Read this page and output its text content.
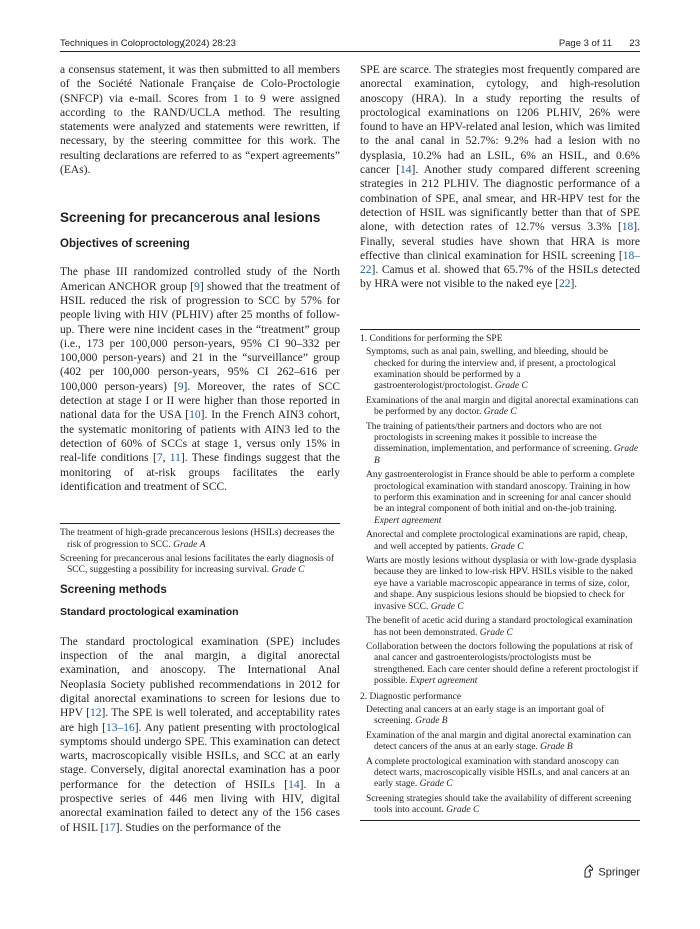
Techniques in Coloproctology
(2024) 28:23	Page 3 of 11 23

a consensus statement, it was then submitted to all members of the Société Nationale Française de Colo-Proctologie (SNFCP) via e-mail. Scores from 1 to 9 were assigned according to the RAND/UCLA method. The resulting statements were analyzed and statements were rewritten, if necessary, by the steering committee for this work. The resulting declarations are referred to as “expert agreements” (EAs).

Screening for precancerous anal lesions
Objectives of screening

The phase III randomized controlled study of the North American ANCHOR group [9] showed that the treatment of HSIL reduced the risk of progression to SCC by 57% for people living with HIV (PLHIV) after 25 months of follow-up. There were nine incident cases in the “treatment” group (i.e., 173 per 100,000 person-years, 95% CI 90–332 per 100,000 person-years) and 21 in the “surveillance” group (402 per 100,000 person-years, 95% CI 262–616 per 100,000 person-years) [9]. Moreover, the rates of SCC detection at stage I or II were higher than those reported in national data for the USA [10]. In the French AIN3 cohort, the systematic monitoring of patients with AIN3 led to the detection of 60% of SCCs at stage 1, versus only 15% in real-life conditions [7, 11]. These findings suggest that the monitoring of at-risk groups facilitates the early identification and treatment of SCC.

The treatment of high-grade precancerous lesions (HSILs) decreases the risk of progression to SCC. Grade A
Screening for precancerous anal lesions facilitates the early diagnosis of SCC, suggesting a possibility for increasing survival. Grade C
Screening methods
Standard proctological examination

The standard proctological examination (SPE) includes inspection of the anal margin, a digital anorectal examination, and anoscopy. The International Anal Neoplasia Society published recommendations in 2012 for digital anorectal examinations to screen for lesions due to HPV [12]. The SPE is well tolerated, and acceptability rates are high [13–16]. Any patient presenting with proctological symptoms should undergo SPE. This examination can detect warts, macroscopically visible HSILs, and SCC at an early stage. Conversely, digital anorectal examination has a poor performance for the detection of HSILs [14]. In a prospective series of 446 men living with HIV, digital anorectal examination failed to detect any of the 156 cases of HSIL [17]. Studies on the performance of the

SPE are scarce. The strategies most frequently compared are anorectal examination, cytology, and high-resolution anoscopy (HRA). In a study reporting the results of proctological examinations on 1206 PLHIV, 26% were found to have an HPV-related anal lesion, which was limited to the anal canal in 52.7%: 9.2% had a lesion with no dysplasia, 10.2% had an LSIL, 6% an HSIL, and 0.6% cancer [14]. Another study compared different screening strategies in 212 PLHIV. The diagnostic performance of a combination of SPE, anal smear, and HR-HPV test for the detection of HSIL was significantly better than that of SPE alone, with detection rates of 12.7% versus 3.3% [18]. Finally, several studies have shown that HRA is more effective than clinical examination for HSIL screening [18–22]. Camus et al. showed that 65.7% of the HSILs detected by HRA were not visible to the naked eye [22].

1. Conditions for performing the SPE
Symptoms, such as anal pain, swelling, and bleeding, should be checked for during the interview and, if present, a proctological examination should be performed by a gastroenterologist/proctologist. Grade C
Examinations of the anal margin and digital anorectal examinations can be performed by any doctor. Grade C
The training of patients/their partners and doctors who are not proctologists in screening makes it possible to increase the dissemination, implementation, and performance of screening. Grade B
Any gastroenterologist in France should be able to perform a complete proctological examination with standard anoscopy. Training in how to perform this examination and in screening for anal cancer should be an integral component of both initial and on-the-job training. Expert agreement
Anorectal and complete proctological examinations are rapid, cheap, and well accepted by patients. Grade C
Warts are mostly lesions without dysplasia or with low-grade dysplasia because they are linked to low-risk HPV. HSILs visible to the naked eye have a variable macroscopic appearance in terms of size, color, and shape. Any suspicious lesions should be biopsied to check for invasive SCC. Grade C
The benefit of acetic acid during a standard proctological examination has not been demonstrated. Grade C
Collaboration between the doctors following the populations at risk of anal cancer and gastroenterologists/proctologists must be strengthened. Each care center should define a referent proctologist if possible. Expert agreement
2. Diagnostic performance
Detecting anal cancers at an early stage is an important goal of screening. Grade B
Examination of the anal margin and digital anorectal examination can detect cancers of the anus at an early stage. Grade B
A complete proctological examination with standard anoscopy can detect warts, macroscopically visible HSILs, and anal cancers at an early stage. Grade C
Screening strategies should take the availability of different screening tools into account. Grade C
Springer
